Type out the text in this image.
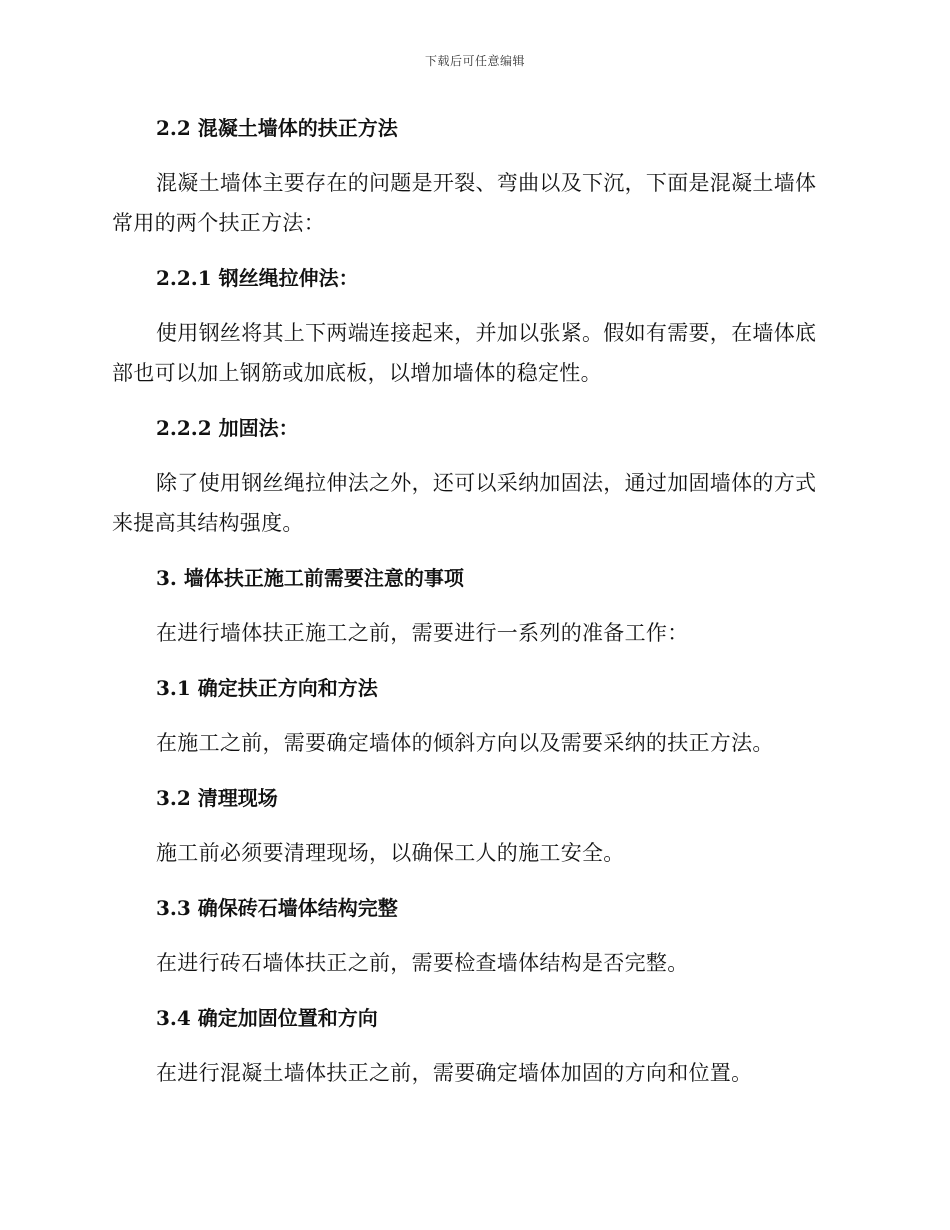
下载后可任意编辑
2.2 混凝土墙体的扶正方法
混凝土墙体主要存在的问题是开裂、弯曲以及下沉，下面是混凝土墙体常用的两个扶正方法：
2.2.1 钢丝绳拉伸法：
使用钢丝将其上下两端连接起来，并加以张紧。假如有需要，在墙体底部也可以加上钢筋或加底板，以增加墙体的稳定性。
2.2.2 加固法：
除了使用钢丝绳拉伸法之外，还可以采纳加固法，通过加固墙体的方式来提高其结构强度。
3. 墙体扶正施工前需要注意的事项
在进行墙体扶正施工之前，需要进行一系列的准备工作：
3.1 确定扶正方向和方法
在施工之前，需要确定墙体的倾斜方向以及需要采纳的扶正方法。
3.2 清理现场
施工前必须要清理现场，以确保工人的施工安全。
3.3 确保砖石墙体结构完整
在进行砖石墙体扶正之前，需要检查墙体结构是否完整。
3.4 确定加固位置和方向
在进行混凝土墙体扶正之前，需要确定墙体加固的方向和位置。
